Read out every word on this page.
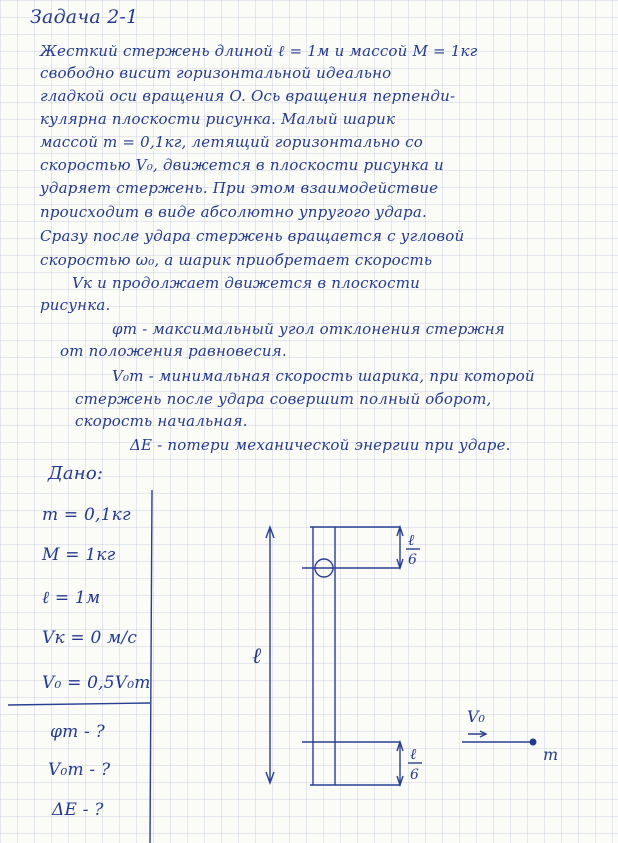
Задача 2-1
Жесткий стержень длиной ℓ = 1м и массой M = 1кг
свободно висит горизонтальной идеально
гладкой оси вращения O. Ось вращения перпенди-
кулярна плоскости рисунка. Малый шарик
массой m = 0,1кг, летящий горизонтально со
скоростью V₀, движется в плоскости рисунка и
ударяет стержень. При этом взаимодействие
происходит в виде абсолютно упругого удара.
Сразу после удара стержень вращается с угловой
скоростью ω₀, а шарик приобретает скорость
Vк и продолжает движется в плоскости
рисунка.
φm - максимальный угол отклонения стержня
от положения равновесия.
V₀m - минимальная скорость шарика, при которой
стержень после удара совершит полный оборот,
скорость начальная.
ΔE - потери механической энергии при ударе.
Дано:
m = 0,1кг
M = 1кг
ℓ = 1м
Vк = 0 м/с
V₀ = 0,5V₀m
φm - ?
V₀m - ?
ΔE - ?
ℓ
6
ℓ
6
ℓ
V₀
m
